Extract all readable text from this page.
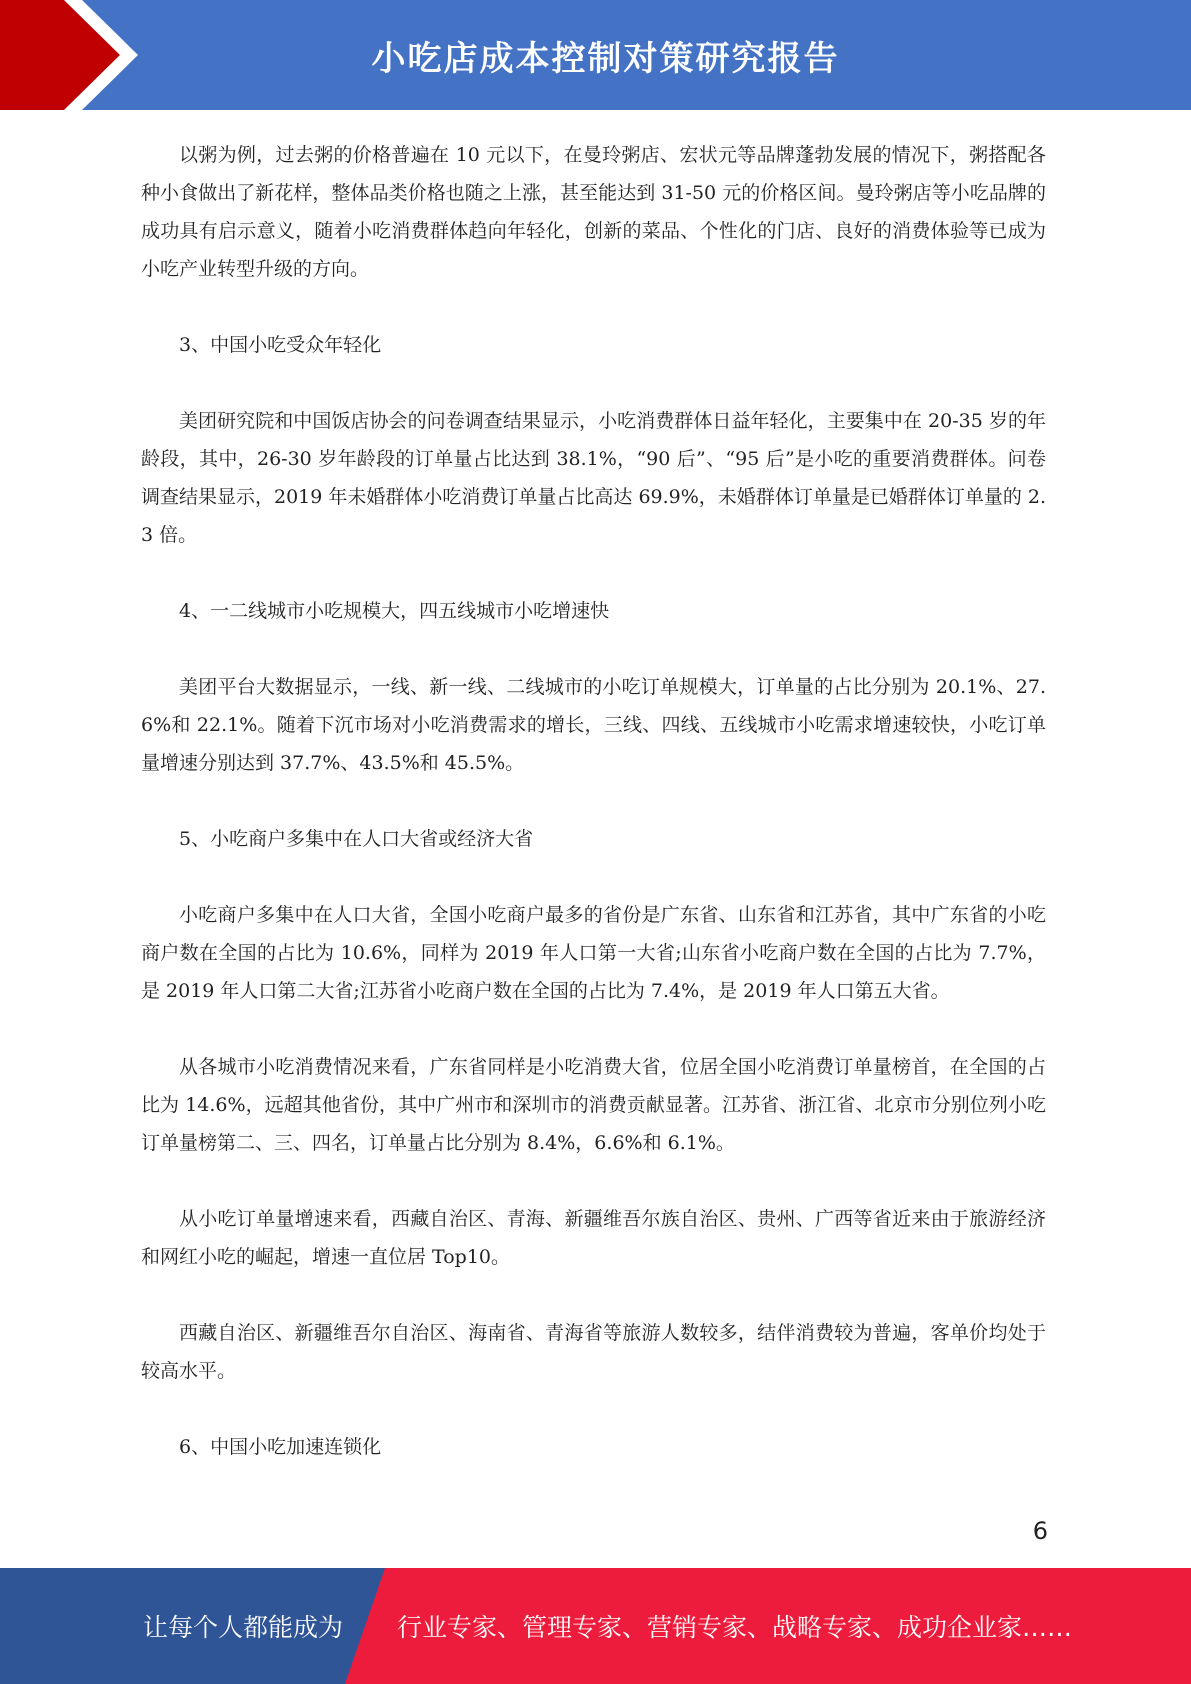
小吃店成本控制对策研究报告

以粥为例，过去粥的价格普遍在 10 元以下，在曼玲粥店、宏状元等品牌蓬勃发展的情况下，粥搭配各种小食做出了新花样，整体品类价格也随之上涨，甚至能达到 31-50 元的价格区间。曼玲粥店等小吃品牌的成功具有启示意义，随着小吃消费群体趋向年轻化，创新的菜品、个性化的门店、良好的消费体验等已成为小吃产业转型升级的方向。

3、中国小吃受众年轻化

美团研究院和中国饭店协会的问卷调查结果显示，小吃消费群体日益年轻化，主要集中在 20-35 岁的年龄段，其中，26-30 岁年龄段的订单量占比达到 38.1%，“90 后”、“95 后”是小吃的重要消费群体。问卷调查结果显示，2019 年未婚群体小吃消费订单量占比高达 69.9%，未婚群体订单量是已婚群体订单量的 2.3 倍。

4、一二线城市小吃规模大，四五线城市小吃增速快

美团平台大数据显示，一线、新一线、二线城市的小吃订单规模大，订单量的占比分别为 20.1%、27.6%和 22.1%。随着下沉市场对小吃消费需求的增长，三线、四线、五线城市小吃需求增速较快，小吃订单量增速分别达到 37.7%、43.5%和 45.5%。

5、小吃商户多集中在人口大省或经济大省

小吃商户多集中在人口大省，全国小吃商户最多的省份是广东省、山东省和江苏省，其中广东省的小吃商户数在全国的占比为 10.6%，同样为 2019 年人口第一大省;山东省小吃商户数在全国的占比为 7.7%，是 2019 年人口第二大省;江苏省小吃商户数在全国的占比为 7.4%，是 2019 年人口第五大省。

从各城市小吃消费情况来看，广东省同样是小吃消费大省，位居全国小吃消费订单量榜首，在全国的占比为 14.6%，远超其他省份，其中广州市和深圳市的消费贡献显著。江苏省、浙江省、北京市分别位列小吃订单量榜第二、三、四名，订单量占比分别为 8.4%，6.6%和 6.1%。

从小吃订单量增速来看，西藏自治区、青海、新疆维吾尔族自治区、贵州、广西等省近来由于旅游经济和网红小吃的崛起，增速一直位居 Top10。

西藏自治区、新疆维吾尔自治区、海南省、青海省等旅游人数较多，结伴消费较为普遍，客单价均处于较高水平。

6、中国小吃加速连锁化

6
让每个人都能成为 行业专家、管理专家、营销专家、战略专家、成功企业家……
